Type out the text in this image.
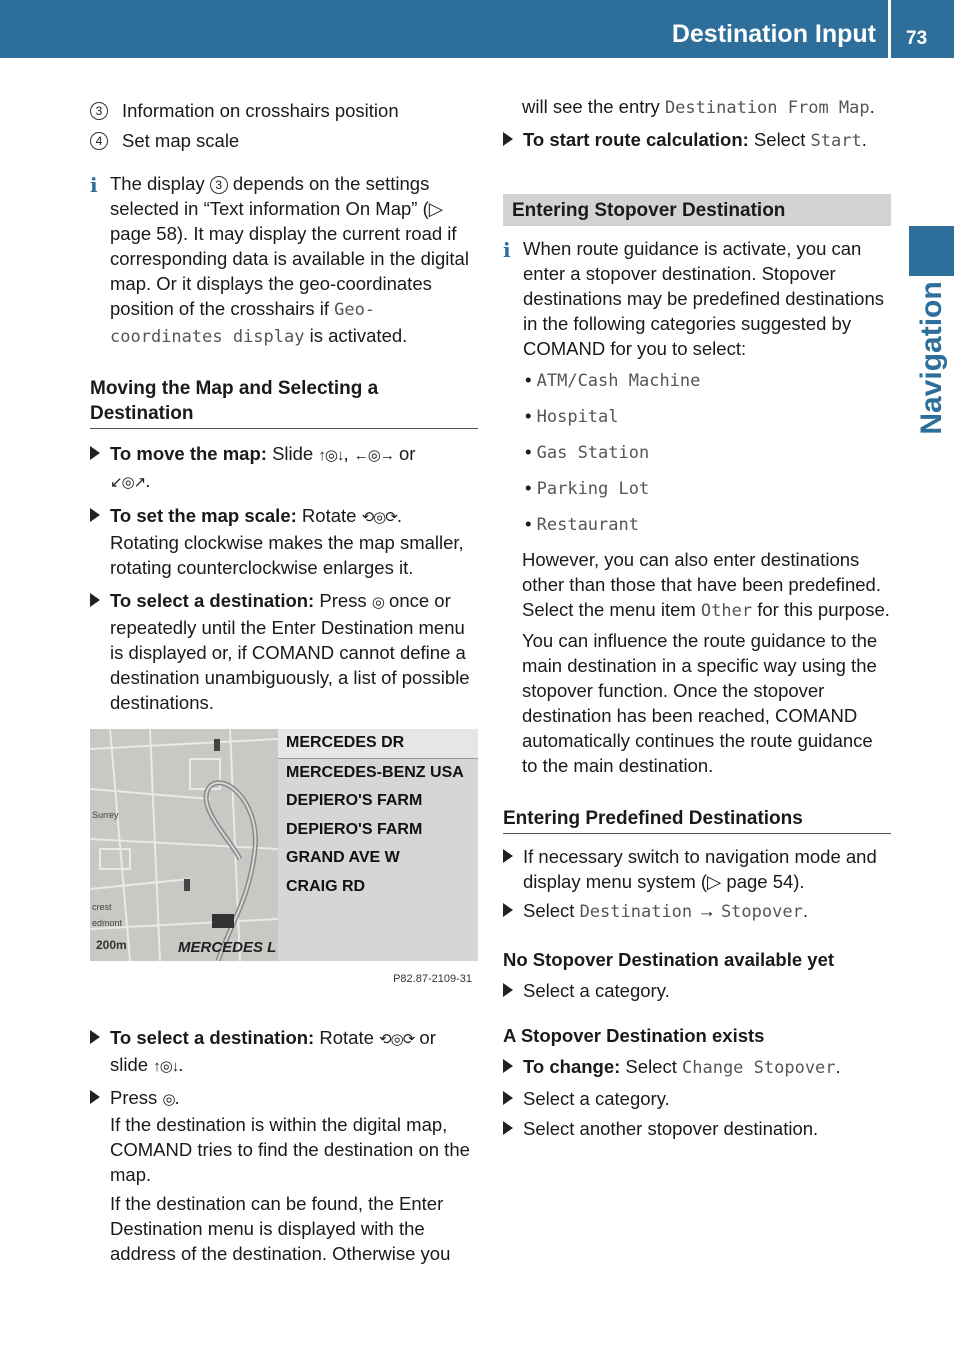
Destination Input 73
Navigation
3	Information on crosshairs position
4	Set map scale
i The display 3 depends on the settings selected in “Text information On Map” (▷ page 58). It may display the current road if corresponding data is available in the digital map. Or it displays the geo-coordinates position of the crosshairs if Geo-coordinates display is activated.

Moving the Map and Selecting a Destination

To move the map: Slide ↑◎↓, ←◎→ or
↙◎↗.

To set the map scale: Rotate ⟲◎⟳.

Rotating clockwise makes the map smaller, rotating counterclockwise enlarges it.

To select a destination: Press ◎ once or repeatedly until the Enter Destination menu is displayed or, if COMAND cannot define a destination unambiguously, a list of possible destinations.

Surrey
crest
edmont
200m	MERCEDES L
MERCEDES DR
MERCEDES-BENZ USA
DEPIERO'S FARM
DEPIERO'S FARM
GRAND AVE W
CRAIG RD
P82.87-2109-31

To select a destination: Rotate ⟲◎⟳ or slide ↑◎↓.

Press ◎.

If the destination is within the digital map, COMAND tries to find the destination on the map.

If the destination can be found, the Enter Destination menu is displayed with the address of the destination. Otherwise you

will see the entry Destination From Map.

To start route calculation: Select Start.

Entering Stopover Destination
i When route guidance is activate, you can enter a stopover destination. Stopover destinations may be predefined destinations in the following categories suggested by COMAND for you to select:

• ATM/Cash Machine
• Hospital
• Gas Station
• Parking Lot
• Restaurant

However, you can also enter destinations other than those that have been predefined. Select the menu item Other for this purpose.

You can influence the route guidance to the main destination in a specific way using the stopover function. Once the stopover destination has been reached, COMAND automatically continues the route guidance to the main destination.

Entering Predefined Destinations

If necessary switch to navigation mode and display menu system (▷ page 54).

Select Destination → Stopover.

No Stopover Destination available yet

Select a category.

A Stopover Destination exists

To change: Select Change Stopover.

Select a category.

Select another stopover destination.
